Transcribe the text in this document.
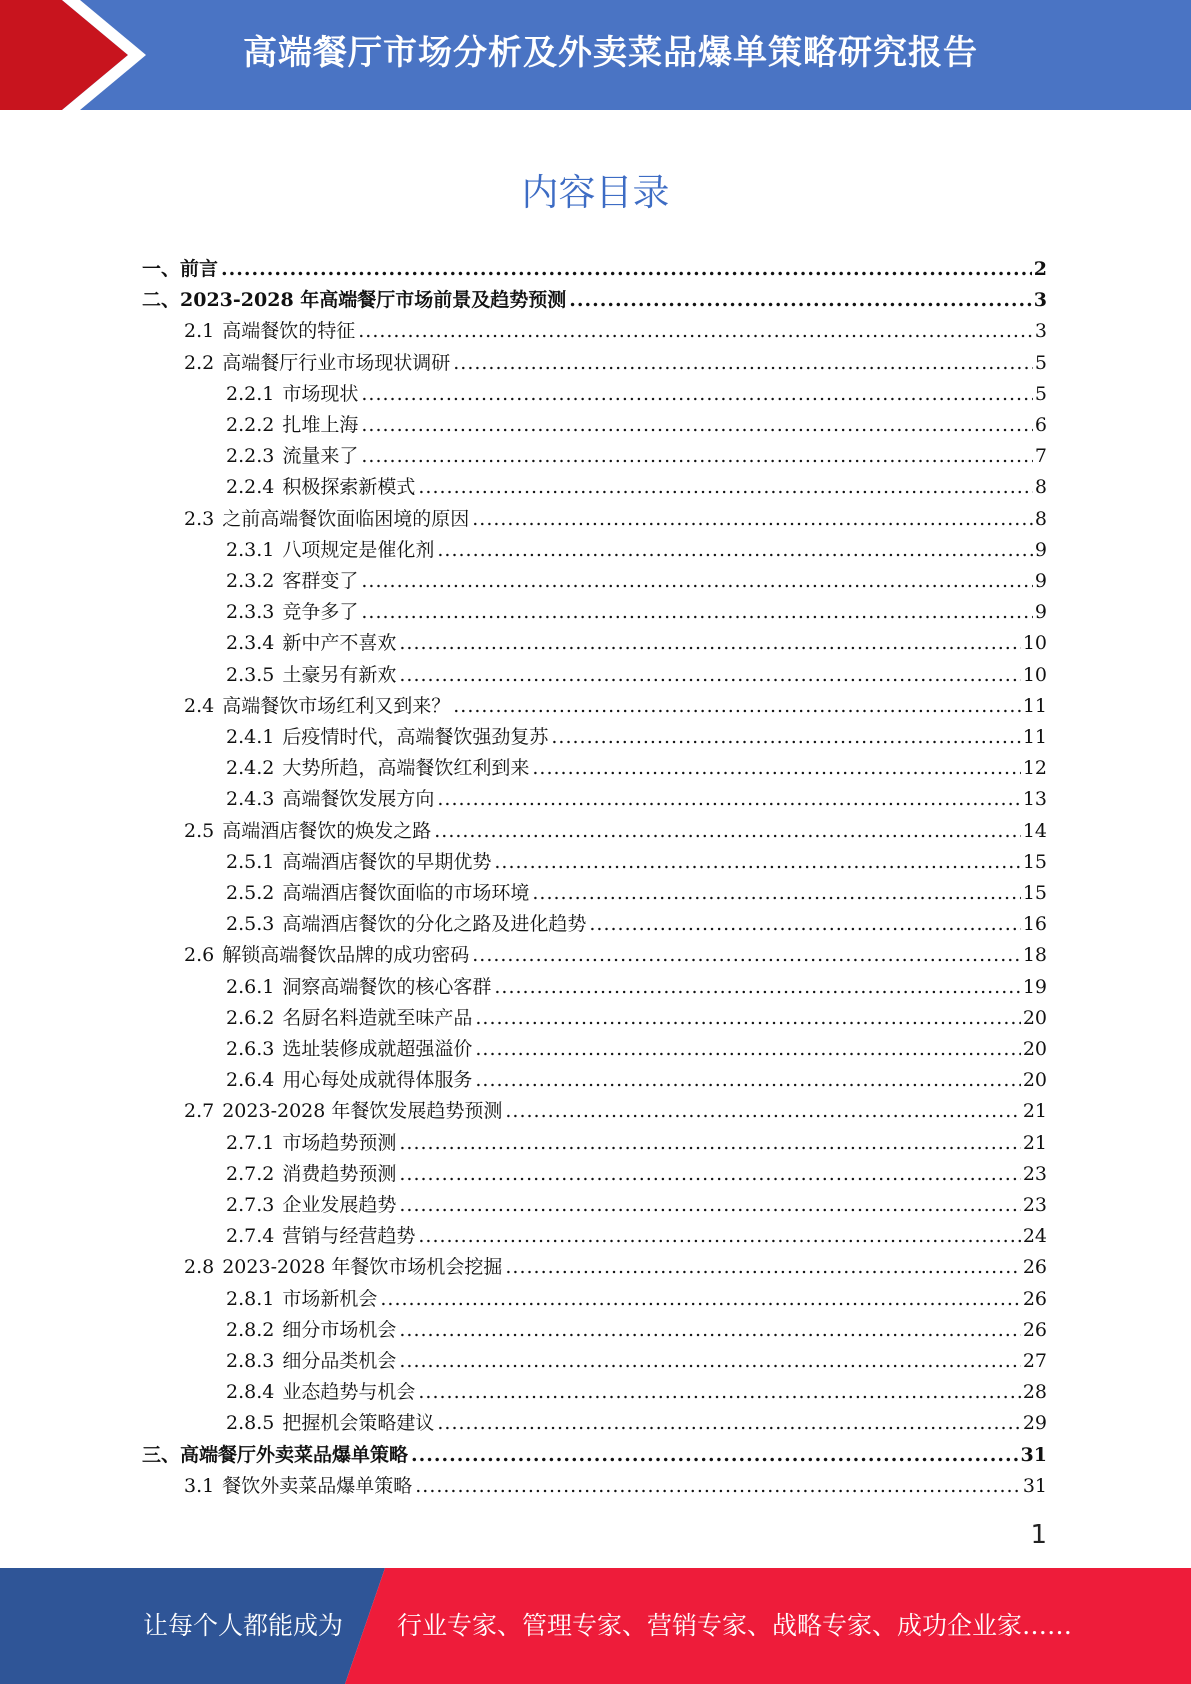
高端餐厅市场分析及外卖菜品爆单策略研究报告
内容目录
一、 前言 .....	2
二、 2023-2028 年高端餐厅市场前景及趋势预测 .....	3
2.1 高端餐饮的特征 .....	3
2.2 高端餐厅行业市场现状调研 .....	5
2.2.1 市场现状 .....	5
2.2.2 扎堆上海 .....	6
2.2.3 流量来了 .....	7
2.2.4 积极探索新模式 .....	8
2.3 之前高端餐饮面临困境的原因 .....	8
2.3.1 八项规定是催化剂 .....	9
2.3.2 客群变了 .....	9
2.3.3 竞争多了 .....	9
2.3.4 新中产不喜欢 .....	10
2.3.5 土豪另有新欢 .....	10
2.4 高端餐饮市场红利又到来？ .....	11
2.4.1 后疫情时代，高端餐饮强劲复苏 .....	11
2.4.2 大势所趋，高端餐饮红利到来 .....	12
2.4.3 高端餐饮发展方向 .....	13
2.5 高端酒店餐饮的焕发之路 .....	14
2.5.1 高端酒店餐饮的早期优势 .....	15
2.5.2 高端酒店餐饮面临的市场环境 .....	15
2.5.3 高端酒店餐饮的分化之路及进化趋势 .....	16
2.6 解锁高端餐饮品牌的成功密码 .....	18
2.6.1 洞察高端餐饮的核心客群 .....	19
2.6.2 名厨名料造就至味产品 .....	20
2.6.3 选址装修成就超强溢价 .....	20
2.6.4 用心每处成就得体服务 .....	20
2.7 2023-2028 年餐饮发展趋势预测 .....	21
2.7.1 市场趋势预测 .....	21
2.7.2 消费趋势预测 .....	23
2.7.3 企业发展趋势 .....	23
2.7.4 营销与经营趋势 .....	24
2.8 2023-2028 年餐饮市场机会挖掘 .....	26
2.8.1 市场新机会 .....	26
2.8.2 细分市场机会 .....	26
2.8.3 细分品类机会 .....	27
2.8.4 业态趋势与机会 .....	28
2.8.5 把握机会策略建议 .....	29
三、 高端餐厅外卖菜品爆单策略 .....	31
3.1 餐饮外卖菜品爆单策略 .....	31
1
让每个人都能成为 行业专家、管理专家、营销专家、战略专家、成功企业家……
